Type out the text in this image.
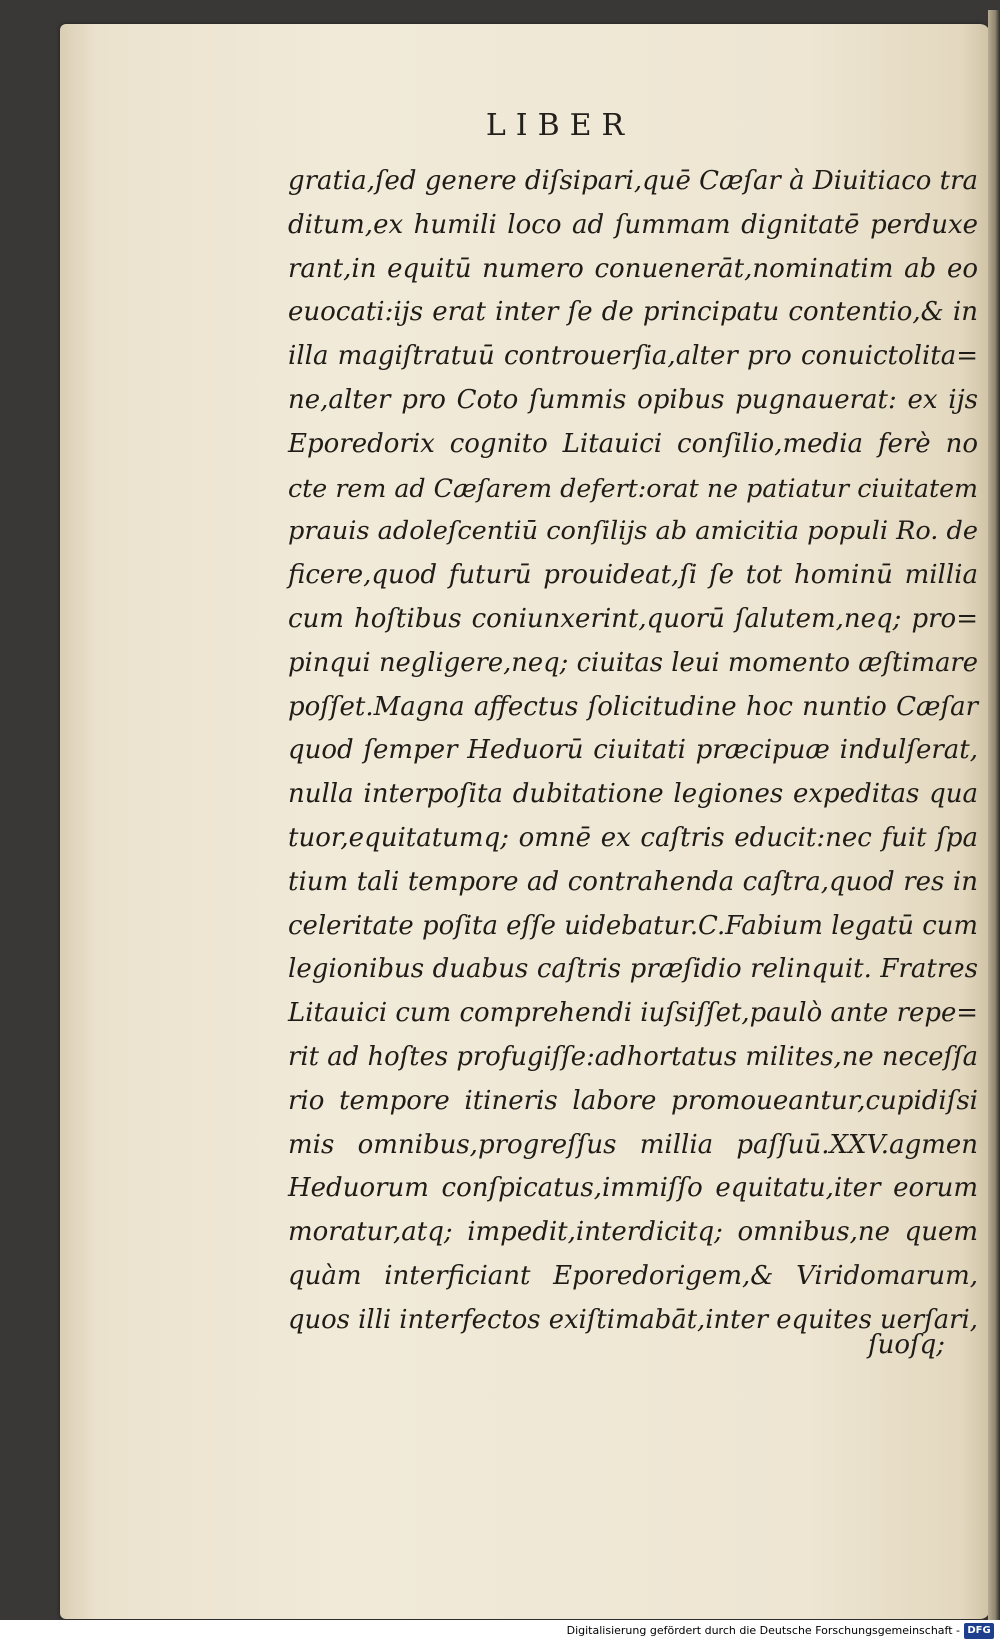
LIBER
gratia,ſed genere diſsipari,quē Cæſar à Diuitiaco tra
ditum,ex humili loco ad ſummam dignitatē perduxe
rant,in equitū numero conuenerāt,nominatim ab eo
euocati:ijs erat inter ſe de principatu contentio,& in
illa magiſtratuū controuerſia,alter pro conuictolita=
ne,alter pro Coto ſummis opibus pugnauerat: ex ijs
Eporedorix cognito Litauici conſilio,media ferè no
cte rem ad Cæſarem defert:orat ne patiatur ciuitatem
prauis adoleſcentiū conſilijs ab amicitia populi Ro. de
ficere,quod futurū prouideat,ſi ſe tot hominū millia
cum hoſtibus coniunxerint,quorū ſalutem,neq; pro=
pinqui negligere,neq; ciuitas leui momento æſtimare
poſſet.Magna affectus ſolicitudine hoc nuntio Cæſar
quod ſemper Heduorū ciuitati præcipuæ indulſerat,
nulla interpoſita dubitatione legiones expeditas qua
tuor,equitatumq; omnē ex caſtris educit:nec fuit ſpa
tium tali tempore ad contrahenda caſtra,quod res in
celeritate poſita eſſe uidebatur.C.Fabium legatū cum
legionibus duabus caſtris præſidio relinquit. Fratres
Litauici cum comprehendi iuſsiſſet,paulò ante repe=
rit ad hoſtes profugiſſe:adhortatus milites,ne neceſſa
rio tempore itineris labore promoueantur,cupidiſsi
mis omnibus,progreſſus millia paſſuū.XXV.agmen
Heduorum conſpicatus,immiſſo equitatu,iter eorum
moratur,atq; impedit,interdicitq; omnibus,ne quem
quàm interficiant Eporedorigem,& Viridomarum,
quos illi interfectos exiſtimabāt,inter equites uerſari,
ſuoſq;
Digitalisierung gefördert durch die Deutsche Forschungsgemeinschaft - DFG
